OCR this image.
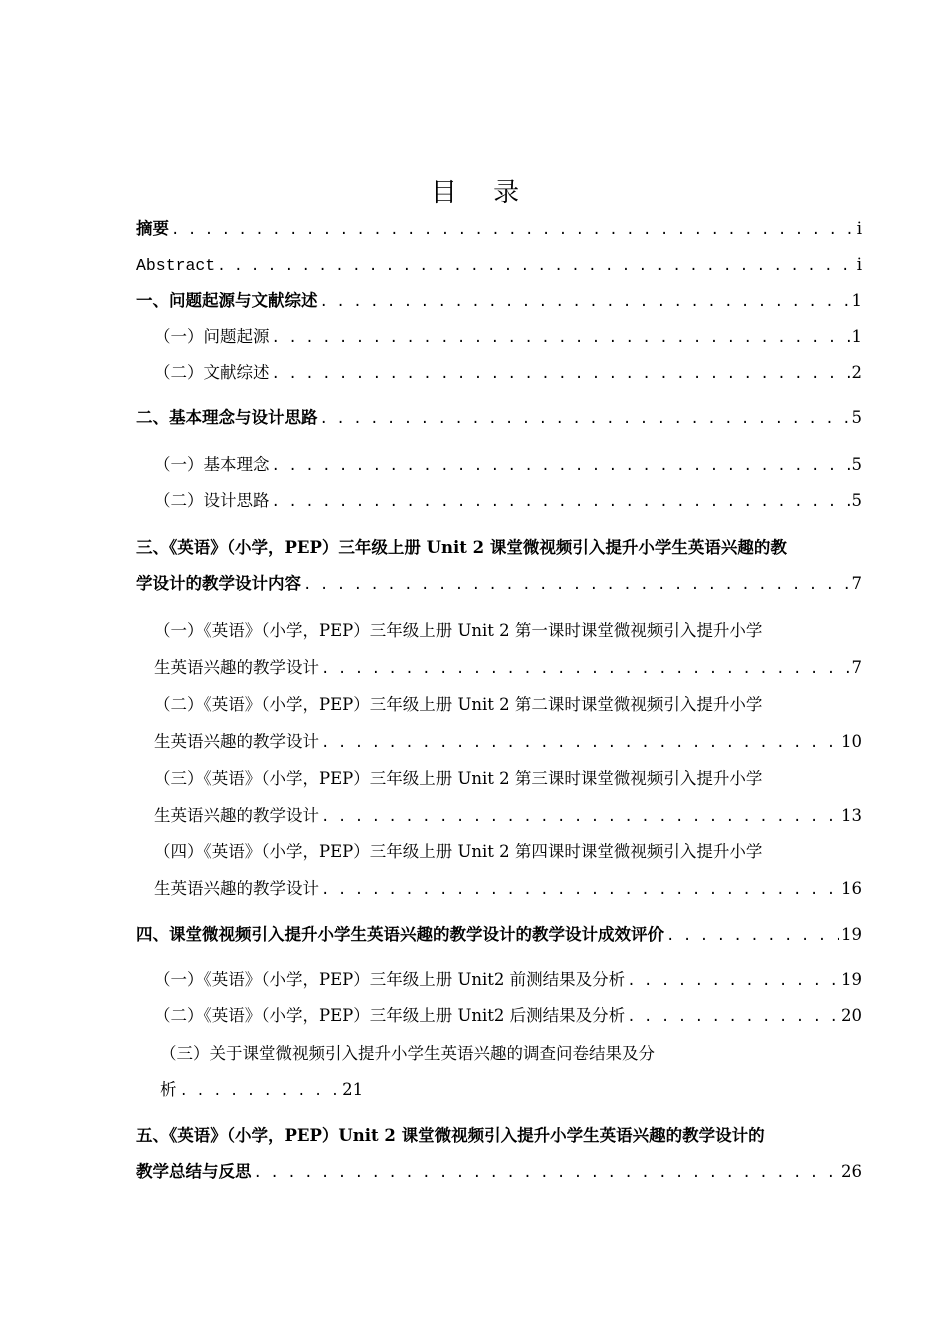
目 录
摘要 . . .	i
Abstract . . .	i
一、问题起源与文献综述 . . .	1
（一）问题起源 . . .	1
（二）文献综述 . . .	2
二、基本理念与设计思路 . . .	5
（一）基本理念 . . .	5
（二）设计思路 . . .	5
三、《英语》（小学，PEP）三年级上册 Unit 2 课堂微视频引入提升小学生英语兴趣的教
学设计的教学设计内容 . . .	7
（一）《英语》（小学，PEP）三年级上册 Unit 2 第一课时课堂微视频引入提升小学
生英语兴趣的教学设计 . . .	7
（二）《英语》（小学，PEP）三年级上册 Unit 2 第二课时课堂微视频引入提升小学
生英语兴趣的教学设计 . . .	10
（三）《英语》（小学，PEP）三年级上册 Unit 2 第三课时课堂微视频引入提升小学
生英语兴趣的教学设计 . . .	13
（四）《英语》（小学，PEP）三年级上册 Unit 2 第四课时课堂微视频引入提升小学
生英语兴趣的教学设计 . . .	16
四、课堂微视频引入提升小学生英语兴趣的教学设计的教学设计成效评价 . . .	19
（一）《英语》（小学，PEP）三年级上册 Unit2 前测结果及分析 . . .	19
（二）《英语》（小学，PEP）三年级上册 Unit2 后测结果及分析 . . .	20
（三）关于课堂微视频引入提升小学生英语兴趣的调查问卷结果及分
析 . . . . . . . . . . 21
五、《英语》（小学，PEP）Unit 2 课堂微视频引入提升小学生英语兴趣的教学设计的
教学总结与反思 . . .	26
